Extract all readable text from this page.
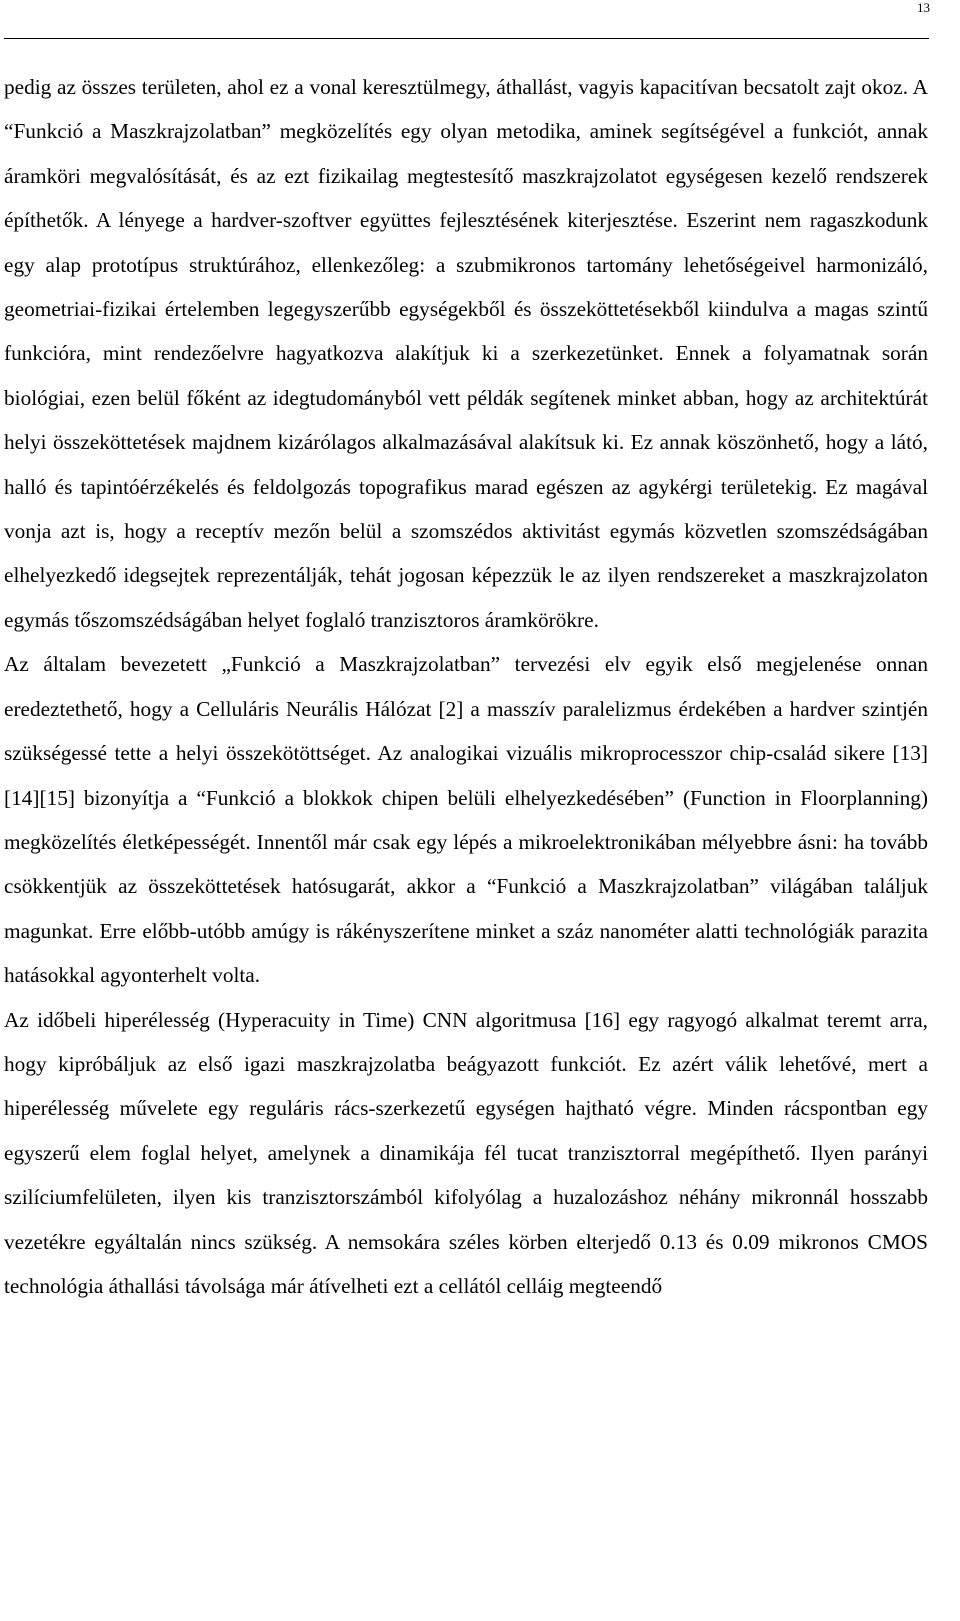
13

pedig az összes területen, ahol ez a vonal keresztülmegy, áthallást, vagyis kapacitívan becsatolt zajt okoz. A “Funkció a Maszkrajzolatban” megközelítés egy olyan metodika, aminek segítségével a funkciót, annak áramköri megvalósítását, és az ezt fizikailag megtestesítő maszkrajzolatot egységesen kezelő rendszerek építhetők. A lényege a hardver-szoftver együttes fejlesztésének kiterjesztése. Eszerint nem ragaszkodunk egy alap prototípus struktúrához, ellenkezőleg: a szubmikronos tartomány lehetőségeivel harmonizáló, geometriai-fizikai értelemben legegyszerűbb egységekből és összeköttetésekből kiindulva a magas szintű funkcióra, mint rendezőelvre hagyatkozva alakítjuk ki a szerkezetünket. Ennek a folyamatnak során biológiai, ezen belül főként az idegtudományból vett példák segítenek minket abban, hogy az architektúrát helyi összeköttetések majdnem kizárólagos alkalmazásával alakítsuk ki. Ez annak köszönhető, hogy a látó, halló és tapintóérzékelés és feldolgozás topografikus marad egészen az agykérgi területekig. Ez magával vonja azt is, hogy a receptív mezőn belül a szomszédos aktivitást egymás közvetlen szomszédságában elhelyezkedő idegsejtek reprezentálják, tehát jogosan képezzük le az ilyen rendszereket a maszkrajzolaton egymás tőszomszédságában helyet foglaló tranzisztoros áramkörökre.

Az általam bevezetett „Funkció a Maszkrajzolatban” tervezési elv egyik első megjelenése onnan eredeztethető, hogy a Celluláris Neurális Hálózat [2] a masszív paralelizmus érdekében a hardver szintjén szükségessé tette a helyi összekötöttséget. Az analogikai vizuális mikroprocesszor chip-család sikere [13][14][15] bizonyítja a “Funkció a blokkok chipen belüli elhelyezkedésében” (Function in Floorplanning) megközelítés életképességét. Innentől már csak egy lépés a mikroelektronikában mélyebbre ásni: ha tovább csökkentjük az összeköttetések hatósugarát, akkor a “Funkció a Maszkrajzolatban” világában találjuk magunkat. Erre előbb-utóbb amúgy is rákényszerítene minket a száz nanométer alatti technológiák parazita hatásokkal agyonterhelt volta.

Az időbeli hiperélesség (Hyperacuity in Time) CNN algoritmusa [16] egy ragyogó alkalmat teremt arra, hogy kipróbáljuk az első igazi maszkrajzolatba beágyazott funkciót. Ez azért válik lehetővé, mert a hiperélesség művelete egy reguláris rács-szerkezetű egységen hajtható végre. Minden rácspontban egy egyszerű elem foglal helyet, amelynek a dinamikája fél tucat tranzisztorral megépíthető. Ilyen parányi szilíciumfelületen, ilyen kis tranzisztorszámból kifolyólag a huzalozáshoz néhány mikronnál hosszabb vezetékre egyáltalán nincs szükség. A nemsokára széles körben elterjedő 0.13 és 0.09 mikronos CMOS technológia áthallási távolsága már átívelheti ezt a cellától celláig megteendő
